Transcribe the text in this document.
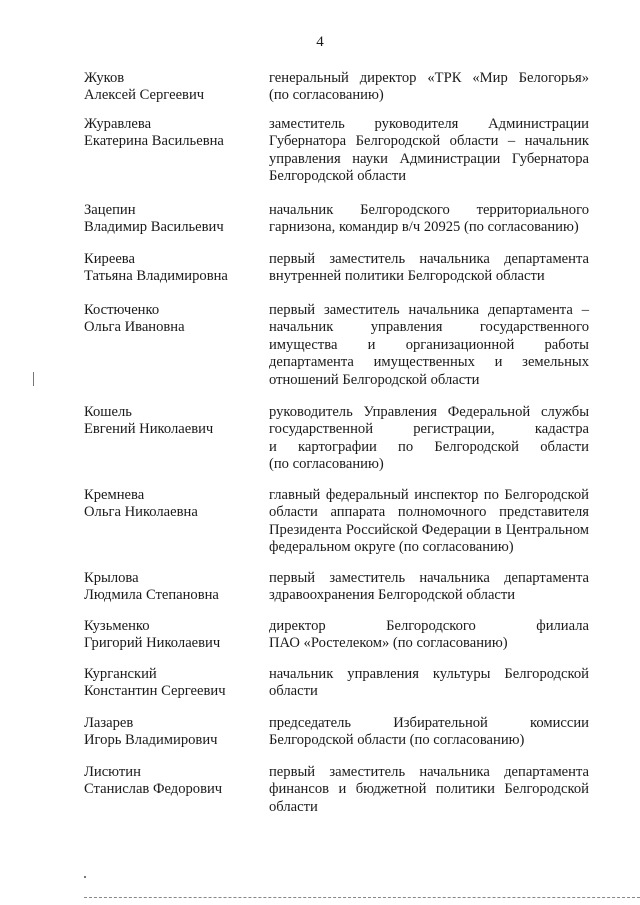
4
Жуков
Алексей Сергеевич
генеральный директор «ТРК «Мир Белогорья»
(по согласованию)
Журавлева
Екатерина Васильевна
заместитель руководителя Администрации
Губернатора Белгородской области – начальник
управления науки Администрации Губернатора
Белгородской области
Зацепин
Владимир Васильевич
начальник Белгородского территориального
гарнизона, командир в/ч 20925 (по согласованию)
Киреева
Татьяна Владимировна
первый заместитель начальника департамента
внутренней политики Белгородской области
Костюченко
Ольга Ивановна
первый заместитель начальника департамента –
начальник управления государственного
имущества и организационной работы
департамента имущественных и земельных
отношений Белгородской области
Кошель
Евгений Николаевич
руководитель Управления Федеральной службы
государственной регистрации, кадастра
и картографии по Белгородской области
(по согласованию)
Кремнева
Ольга Николаевна
главный федеральный инспектор по Белгородской
области аппарата полномочного представителя
Президента Российской Федерации в Центральном
федеральном округе (по согласованию)
Крылова
Людмила Степановна
первый заместитель начальника департамента
здравоохранения Белгородской области
Кузьменко
Григорий Николаевич
директор Белгородского филиала
ПАО «Ростелеком» (по согласованию)
Курганский
Константин Сергеевич
начальник управления культуры Белгородской
области
Лазарев
Игорь Владимирович
председатель Избирательной комиссии
Белгородской области (по согласованию)
Лисютин
Станислав Федорович
первый заместитель начальника департамента
финансов и бюджетной политики Белгородской
области
